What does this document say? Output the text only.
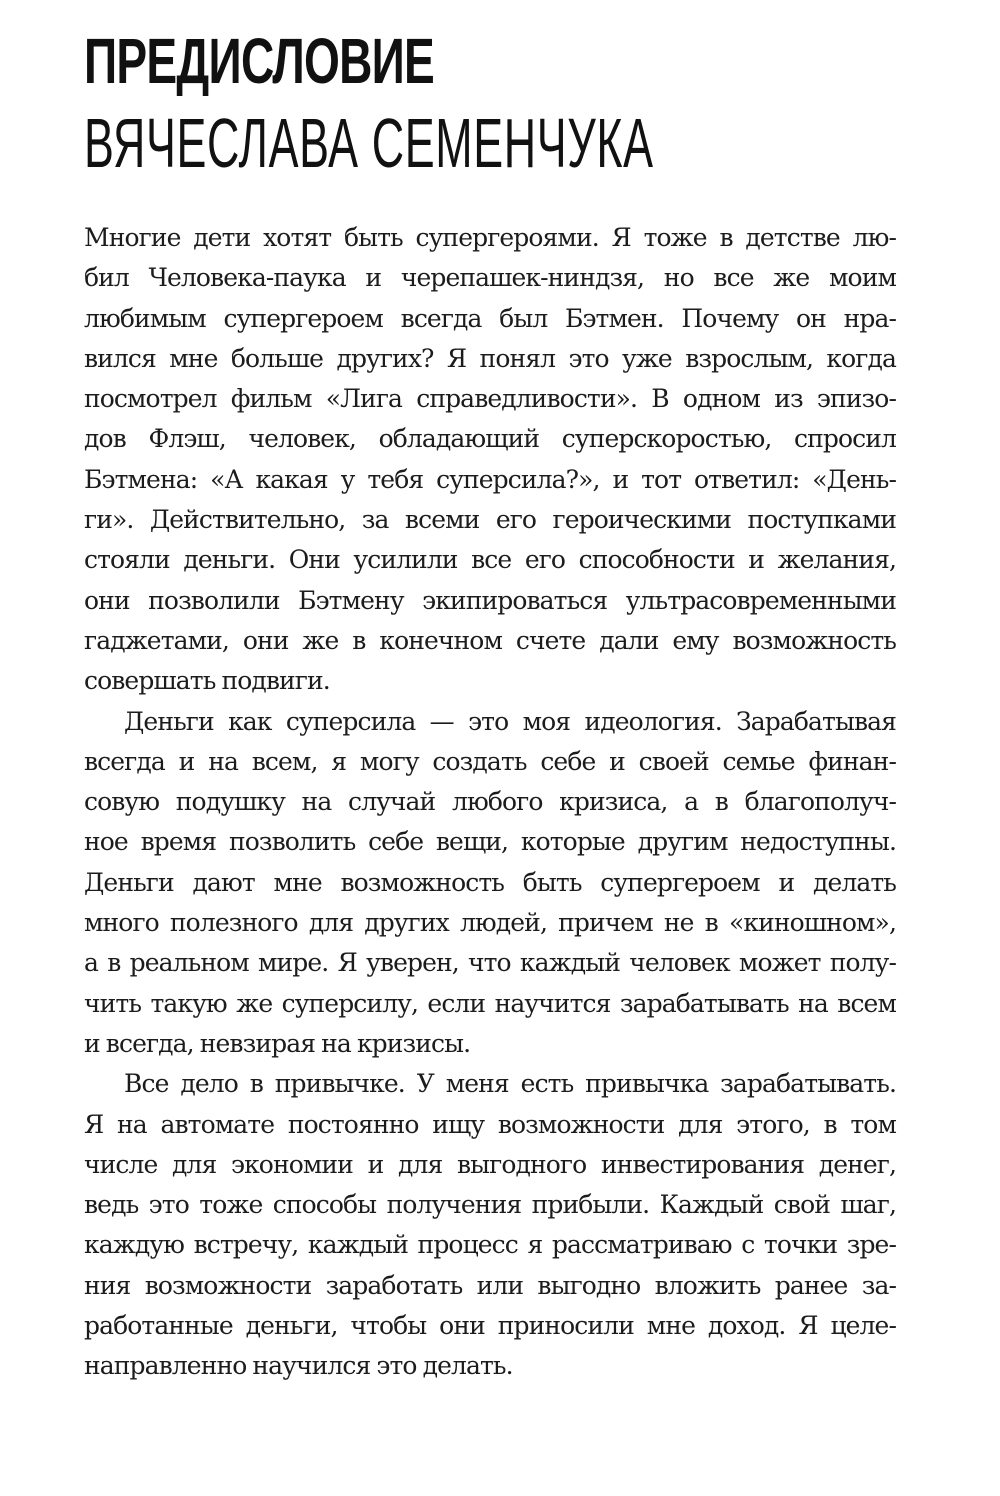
ПРЕДИСЛОВИЕ
ВЯЧЕСЛАВА СЕМЕНЧУКА

Многие дети хотят быть супергероями. Я тоже в детстве лю-
бил Человека-паука и черепашек-ниндзя, но все же моим
любимым супергероем всегда был Бэтмен. Почему он нра-
вился мне больше других? Я понял это уже взрослым, когда
посмотрел фильм «Лига справедливости». В одном из эпизо-
дов Флэш, человек, обладающий суперскоростью, спросил
Бэтмена: «А какая у тебя суперсила?», и тот ответил: «День-
ги». Действительно, за всеми его героическими поступками
стояли деньги. Они усилили все его способности и желания,
они позволили Бэтмену экипироваться ультрасовременными
гаджетами, они же в конечном счете дали ему возможность
совершать подвиги.

Деньги как суперсила — это моя идеология. Зарабатывая
всегда и на всем, я могу создать себе и своей семье финан-
совую подушку на случай любого кризиса, а в благополуч-
ное время позволить себе вещи, которые другим недоступны.
Деньги дают мне возможность быть супергероем и делать
много полезного для других людей, причем не в «киношном»,
а в реальном мире. Я уверен, что каждый человек может полу-
чить такую же суперсилу, если научится зарабатывать на всем
и всегда, невзирая на кризисы.

Все дело в привычке. У меня есть привычка зарабатывать.
Я на автомате постоянно ищу возможности для этого, в том
числе для экономии и для выгодного инвестирования денег,
ведь это тоже способы получения прибыли. Каждый свой шаг,
каждую встречу, каждый процесс я рассматриваю с точки зре-
ния возможности заработать или выгодно вложить ранее за-
работанные деньги, чтобы они приносили мне доход. Я целе-
направленно научился это делать.
